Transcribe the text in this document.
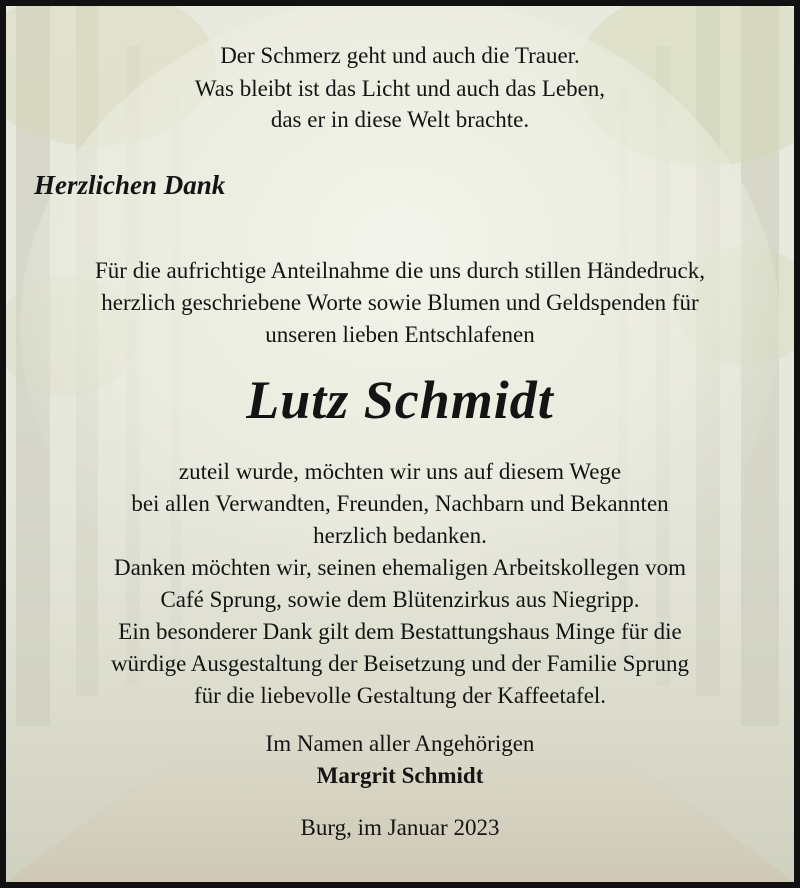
Der Schmerz geht und auch die Trauer.

Was bleibt ist das Licht und auch das Leben,

das er in diese Welt brachte.

Herzlichen Dank

Für die aufrichtige Anteilnahme die uns durch stillen Händedruck,

herzlich geschriebene Worte sowie Blumen und Geldspenden für

unseren lieben Entschlafenen

Lutz Schmidt

zuteil wurde, möchten wir uns auf diesem Wege

bei allen Verwandten, Freunden, Nachbarn und Bekannten

herzlich bedanken.

Danken möchten wir, seinen ehemaligen Arbeitskollegen vom

Café Sprung, sowie dem Blütenzirkus aus Niegripp.

Ein besonderer Dank gilt dem Bestattungshaus Minge für die

würdige Ausgestaltung der Beisetzung und der Familie Sprung

für die liebevolle Gestaltung der Kaffeetafel.

Im Namen aller Angehörigen

Margrit Schmidt

Burg, im Januar 2023
